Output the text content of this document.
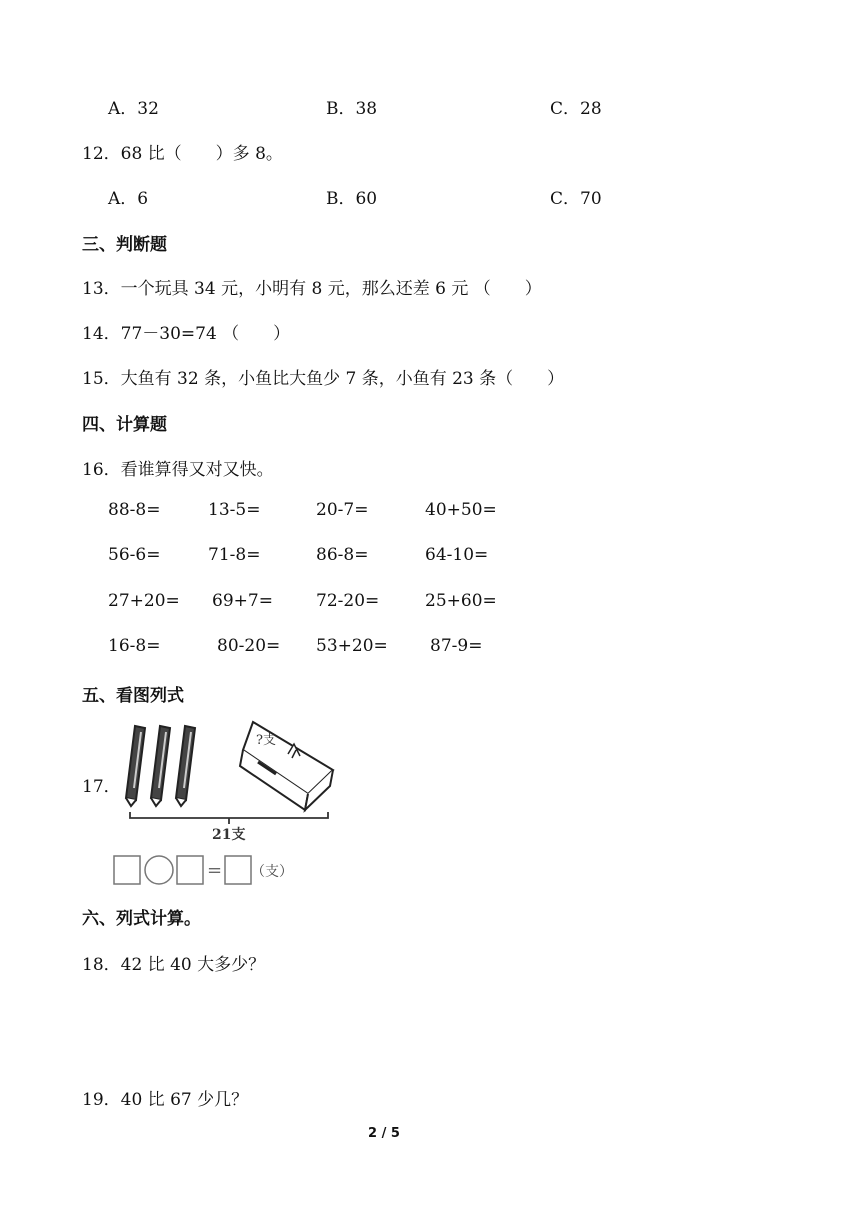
A．32	B．38	C．28
12．68 比（　　）多 8。
A．6	B．60	C．70
三、判断题
13．一个玩具 34 元，小明有 8 元，那么还差 6 元 （　　）
14．77－30=74 （　　）
15．大鱼有 32 条，小鱼比大鱼少 7 条，小鱼有 23 条（　　）
四、计算题
16．看谁算得又对又快。
88-8=	13-5=	20-7=	40+50=
56-6=	71-8=	86-8=	64-10=
27+20= 69+7=	72-20=	25+60=
16-8=	80-20= 53+20= 87-9=
五、看图列式
17．
?支
21支
= （支）
六、列式计算。
18．42 比 40 大多少？
19．40 比 67 少几？
2 / 5
